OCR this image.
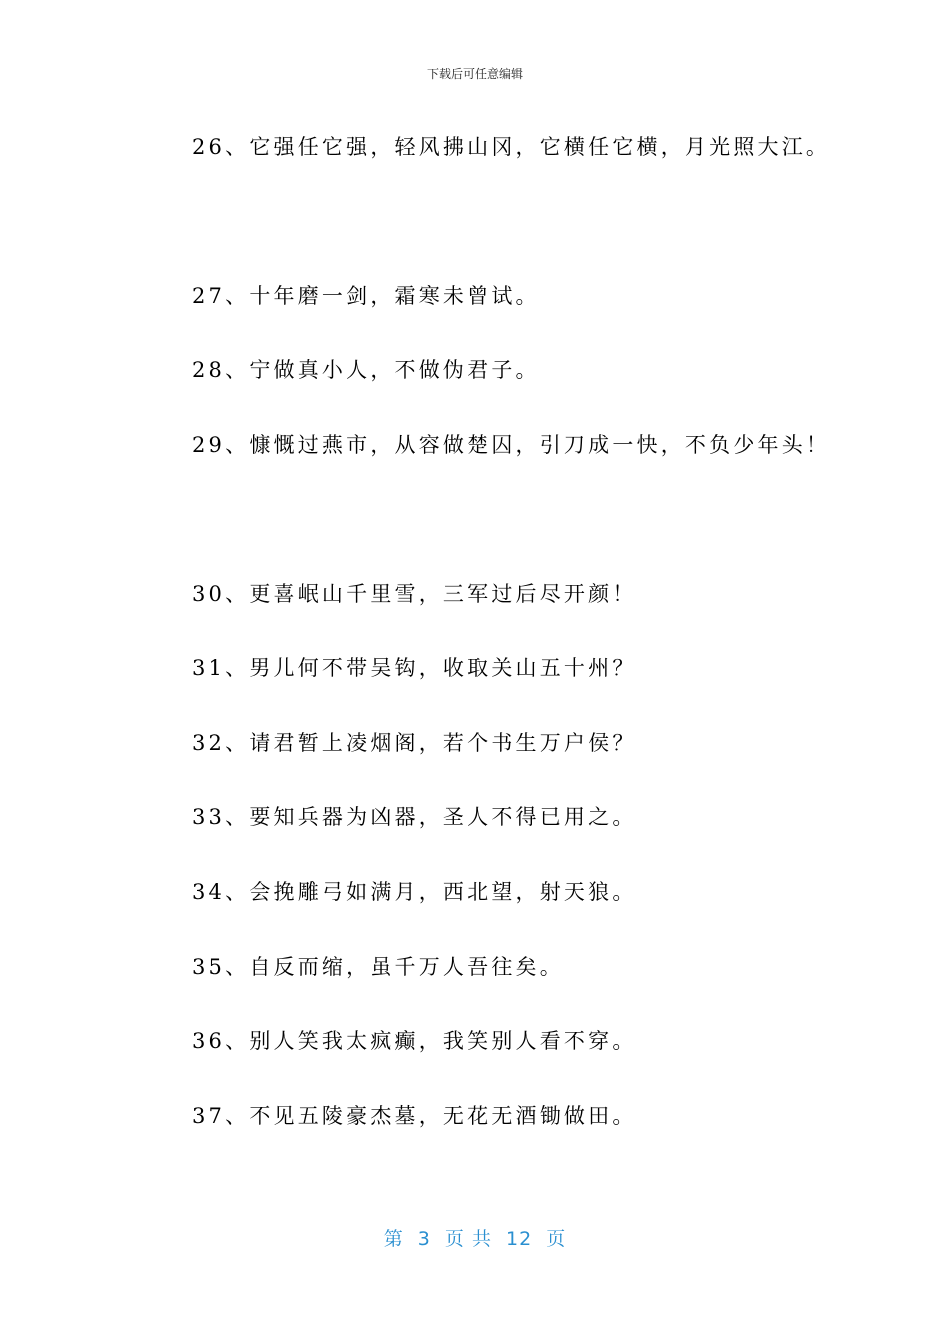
下载后可任意编辑
26、它强任它强，轻风拂山冈，它横任它横，月光照大江。
27、十年磨一剑，霜寒未曾试。
28、宁做真小人，不做伪君子。
29、慷慨过燕市，从容做楚囚，引刀成一快，不负少年头！
30、更喜岷山千里雪，三军过后尽开颜！
31、男儿何不带吴钩，收取关山五十州？
32、请君暂上凌烟阁，若个书生万户侯？
33、要知兵器为凶器，圣人不得已用之。
34、会挽雕弓如满月，西北望，射天狼。
35、自反而缩，虽千万人吾往矣。
36、别人笑我太疯癫，我笑别人看不穿。
37、不见五陵豪杰墓，无花无酒锄做田。
第  3  页 共  12  页
